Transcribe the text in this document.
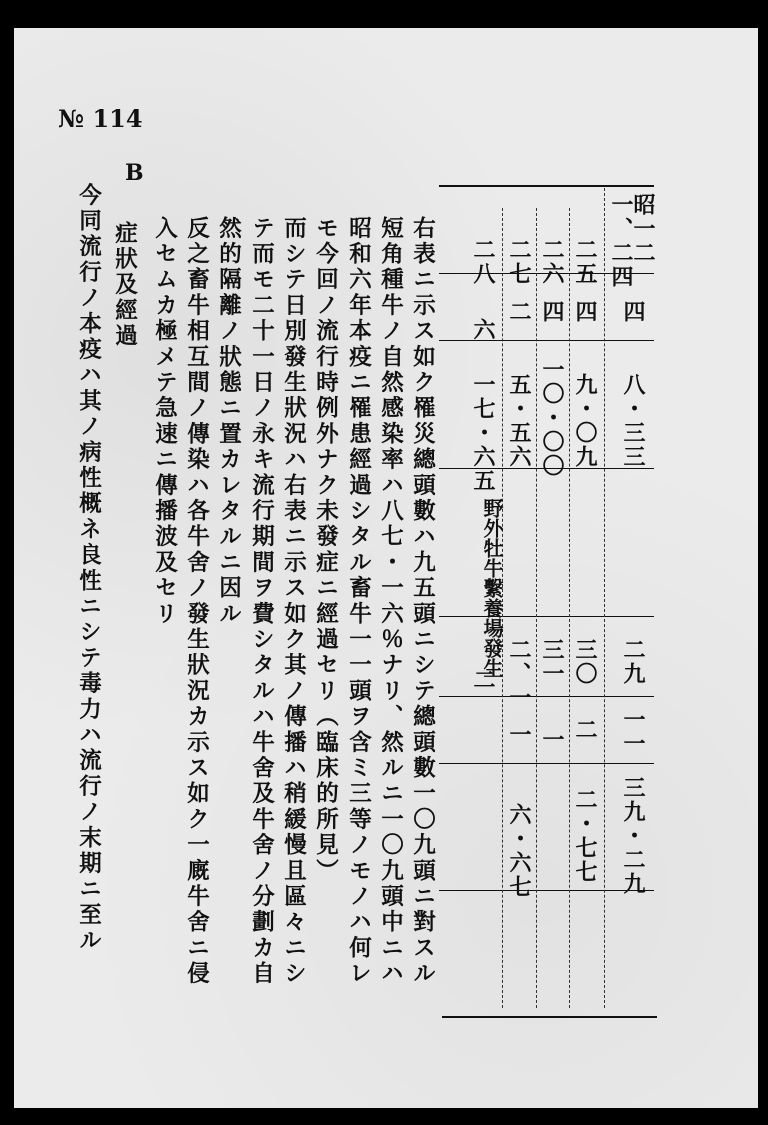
№ 114
右表ニ示ス如ク罹災總頭數ハ九五頭ニシテ總頭數一〇九頭ニ對スル
短角種牛ノ自然感染率ハ八七・一六％ナリ、然ルニ一〇九頭中ニハ
昭和六年本疫ニ罹患經過シタル畜牛一一頭ヲ含ミ三等ノモノハ何レ
モ今回ノ流行時例外ナク未發症ニ經過セリ（臨床的所見）
而シテ日別發生狀況ハ右表ニ示ス如ク其ノ傳播ハ稍緩慢且區々ニシ
テ而モ二十一日ノ永キ流行期間ヲ費シタルハ牛舍及牛舍ノ分劃カ自
然的隔離ノ狀態ニ置カレタルニ因ル
反之畜牛相互間ノ傳染ハ各牛舍ノ發生狀況カ示ス如ク一廐牛舍ニ侵
入セムカ極メテ急速ニ傳播波及セリ
B
症狀及經過
今同流行ノ本疫ハ其ノ病性概ネ良性ニシテ毒力ハ流行ノ末期ニ至ル	昭一二
一、二四
四
八・三三
二九
一一
三九・二九
二五
四
九・〇九
三〇
二
二・七七
二六
四
一〇・〇〇
三一
一
二七
二
五・五六
二、一
一
六・六七
二八
六
一七・六五
二
野外牡牛繫養場發生
